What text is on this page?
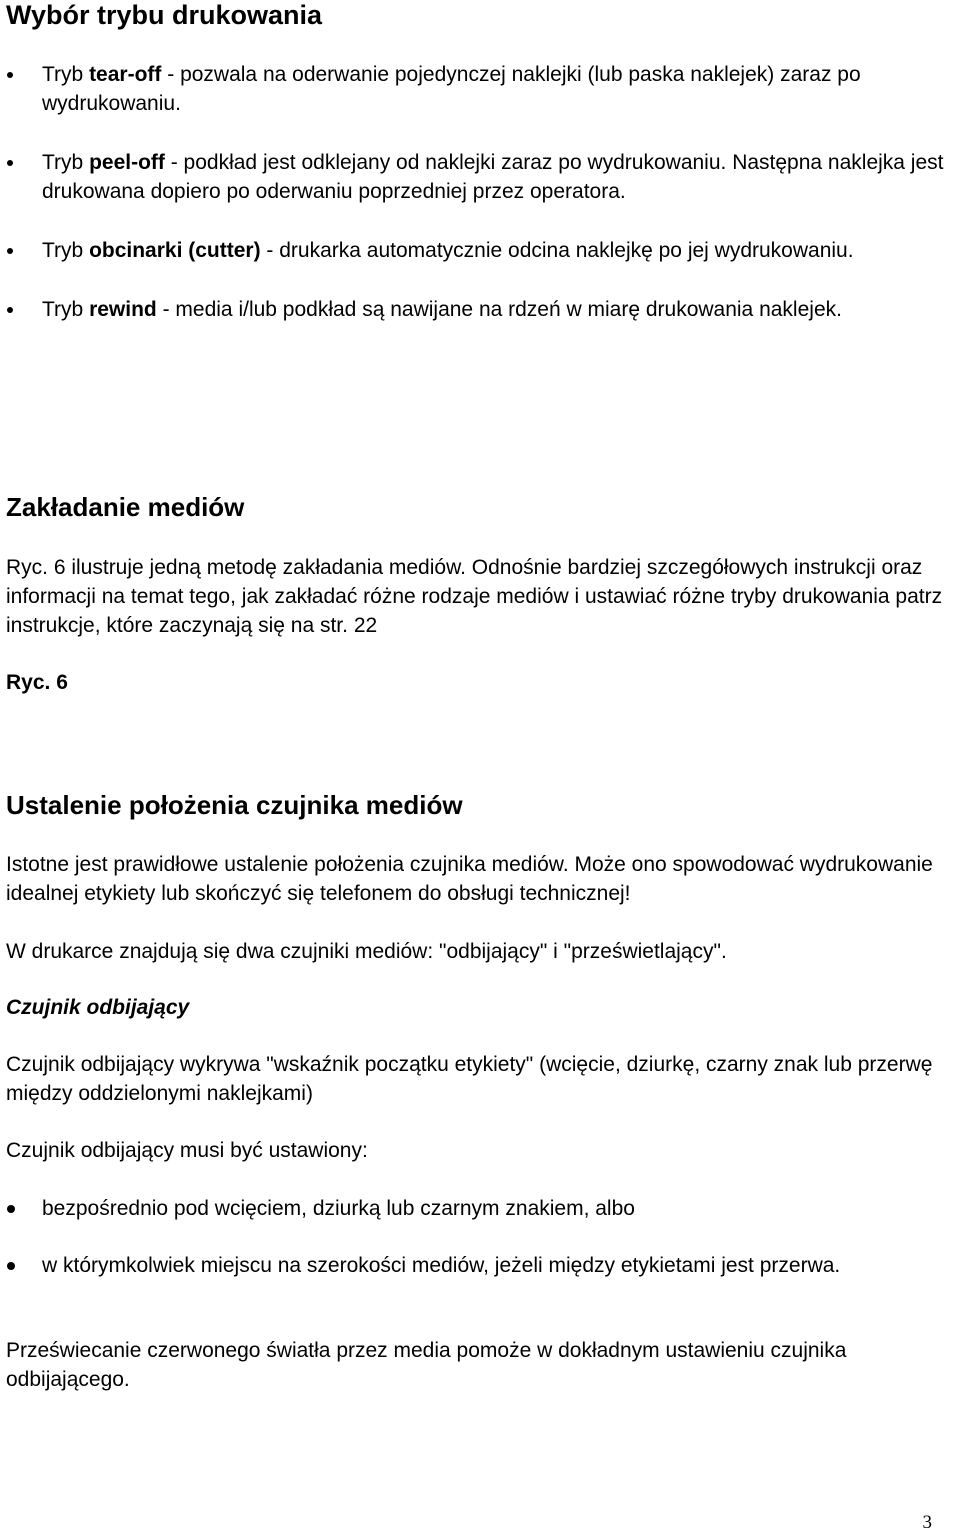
Wybór trybu drukowania
Tryb tear-off - pozwala na oderwanie pojedynczej naklejki (lub paska naklejek) zaraz po wydrukowaniu.
Tryb peel-off - podkład jest odklejany od naklejki zaraz po wydrukowaniu. Następna naklejka jest drukowana dopiero po oderwaniu poprzedniej przez operatora.
Tryb obcinarki (cutter) - drukarka automatycznie odcina naklejkę po jej wydrukowaniu.
Tryb rewind - media i/lub podkład są nawijane na rdzeń w miarę drukowania naklejek.
Zakładanie mediów

Ryc. 6 ilustruje jedną metodę zakładania mediów. Odnośnie bardziej szczegółowych instrukcji oraz informacji na temat tego, jak zakładać różne rodzaje mediów i ustawiać różne tryby drukowania patrz instrukcje, które zaczynają się na str. 22

Ryc. 6

Ustalenie położenia czujnika mediów

Istotne jest prawidłowe ustalenie położenia czujnika mediów. Może ono spowodować wydrukowanie idealnej etykiety lub skończyć się telefonem do obsługi technicznej!

W drukarce znajdują się dwa czujniki mediów: "odbijający" i "prześwietlający".

Czujnik odbijający

Czujnik odbijający wykrywa "wskaźnik początku etykiety" (wcięcie, dziurkę, czarny znak lub przerwę między oddzielonymi naklejkami)

Czujnik odbijający musi być ustawiony:

bezpośrednio pod wcięciem, dziurką lub czarnym znakiem, albo
w którymkolwiek miejscu na szerokości mediów, jeżeli między etykietami jest przerwa.

Przeświecanie czerwonego światła przez media pomoże w dokładnym ustawieniu czujnika odbijającego.

3
